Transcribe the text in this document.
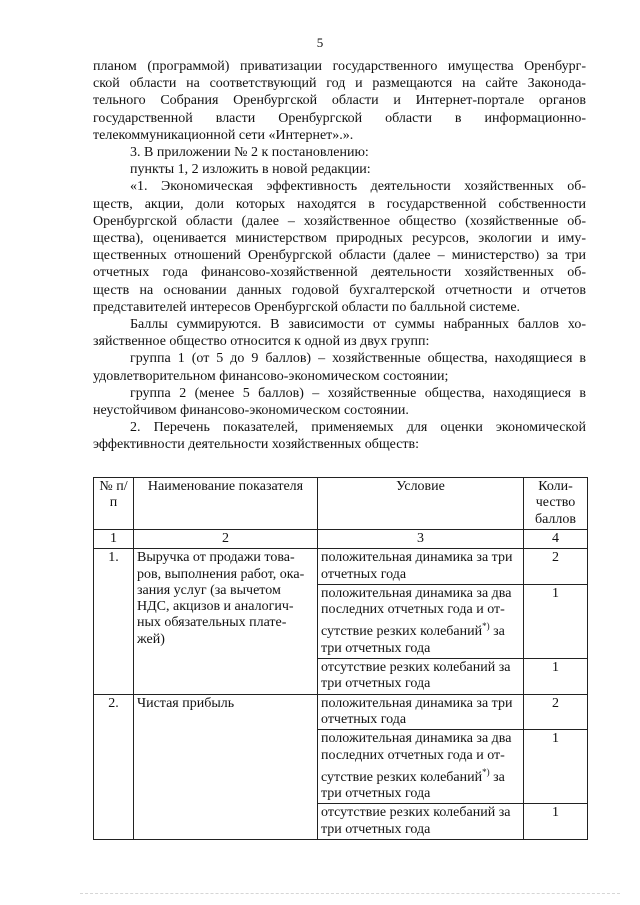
5

планом (программой) приватизации государственного имущества Оренбург-

ской области на соответствующий год и размещаются на сайте Законода-

тельного Собрания Оренбургской области и Интернет-портале органов

государственной власти Оренбургской области в информационно-

телекоммуникационной сети «Интернет».».

3. В приложении № 2 к постановлению:

пункты 1, 2 изложить в новой редакции:

«1. Экономическая эффективность деятельности хозяйственных об-

ществ, акции, доли которых находятся в государственной собственности

Оренбургской области (далее – хозяйственное общество (хозяйственные об-

щества), оценивается министерством природных ресурсов, экологии и иму-

щественных отношений Оренбургской области (далее – министерство) за три

отчетных года финансово-хозяйственной деятельности хозяйственных об-

ществ на основании данных годовой бухгалтерской отчетности и отчетов

представителей интересов Оренбургской области по балльной системе.

Баллы суммируются. В зависимости от суммы набранных баллов хо-

зяйственное общество относится к одной из двух групп:

группа 1 (от 5 до 9 баллов) – хозяйственные общества, находящиеся в

удовлетворительном финансово-экономическом состоянии;

группа 2 (менее 5 баллов) – хозяйственные общества, находящиеся в

неустойчивом финансово-экономическом состоянии.

2. Перечень показателей, применяемых для оценки экономической

эффективности деятельности хозяйственных обществ:

№ п/п	Наименование показателя	Условие	Коли-чество баллов
1	2	3	4
1.	Выручка от продажи това-ров, выполнения работ, ока-зания услуг (за вычетом НДС, акцизов и аналогич-ных обязательных плате-жей)	положительная динамика за три отчетных года	2
		положительная динамика за два последних отчетных года и от-сутствие резких колебаний*) за три отчетных года	1
		отсутствие резких колебаний за три отчетных года	1
2.	Чистая прибыль	положительная динамика за три отчетных года	2
		положительная динамика за два последних отчетных года и от-сутствие резких колебаний*) за три отчетных года	1
		отсутствие резких колебаний за три отчетных года	1
